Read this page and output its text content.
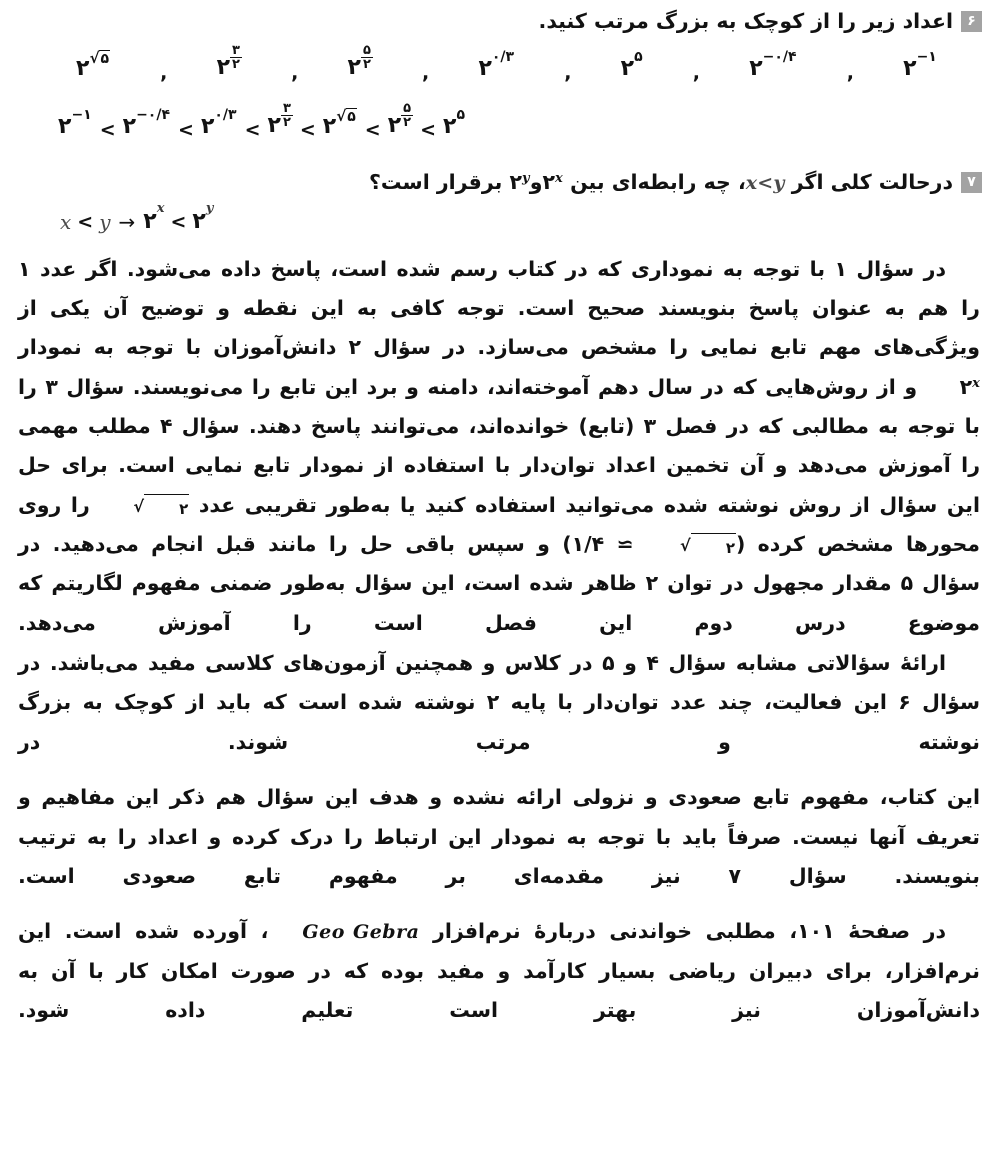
۶
اعداد زیر را از کوچک به بزرگ مرتب کنید.
۲ −۱
,
۲ −۰/۴
,
۲ ۵
,
۲ ۰/۳
,
۲ $\frac{۵}{۲}$
,
۲ $\frac{۳}{۲}$
,
۲ √ ۵
۲ −۱
< ۲ −۰/۴
< ۲ ۰/۳
< ۲ $\frac{۳}{۲}$ < ۲ √ ۵
< ۲ $\frac{۵}{۲}$ < ۲ ۵
۷
درحالت کلی اگر x<y، چه رابطه‌ای بین ۲$^x$و۲$^y$ برقرار است؟
x < y → ۲
x
< ۲
y

در سؤال ۱ با توجه به نموداری که در کتاب رسم شده است، پاسخ داده می‌شود. اگر عدد ۱ را هم به عنوان پاسخ بنویسند صحیح است. توجه کافی به این نقطه و توضیح آن یکی از ویژگی‌های مهم تابع نمایی را مشخص می‌سازد. در سؤال ۲ دانش‌آموزان با توجه به نمودار ۲$^x$ و از روش‌هایی که در سال دهم آموخته‌اند، دامنه و برد این تابع را می‌نویسند. سؤال ۳ را با توجه به مطالبی که در فصل ۳ (تابع) خوانده‌اند، می‌توانند پاسخ دهند. سؤال ۴ مطلب مهمی را آموزش می‌دهد و آن تخمین اعداد توان‌دار با استفاده از نمودار تابع نمایی است. برای حل این سؤال از روش نوشته شده می‌توانید استفاده کنید یا به‌طور تقریبی عدد
√	۲
را روی محورها مشخص کرده (
√	۲
≃ ۱/۴) و سپس باقی حل را مانند قبل انجام می‌دهید. در سؤال ۵ مقدار مجهول در توان ۲ ظاهر شده است، این سؤال به‌طور ضمنی مفهوم لگاریتم که موضوع درس دوم این فصل است را آموزش می‌دهد.

ارائهٔ سؤالاتی مشابه سؤال ۴ و ۵ در کلاس و همچنین آزمون‌های کلاسی مفید می‌باشد. در سؤال ۶ این فعالیت، چند عدد توان‌دار با پایه ۲ نوشته شده است که باید از کوچک به بزرگ نوشته و مرتب شوند. در

این کتاب، مفهوم تابع صعودی و نزولی ارائه نشده و هدف این سؤال هم ذکر این مفاهیم و تعریف آنها نیست. صرفاً باید با توجه به نمودار این ارتباط را درک کرده و اعداد را به ترتیب بنویسند. سؤال ۷ نیز مقدمه‌ای بر مفهوم تابع صعودی است.

در صفحهٔ ۱۰۱، مطلبی خواندنی دربارهٔ نرم‌افزار Geo Gebra، آورده شده است. این نرم‌افزار، برای دبیران ریاضی بسیار کارآمد و مفید بوده که در صورت امکان کار با آن به دانش‌آموزان نیز بهتر است تعلیم داده شود.
